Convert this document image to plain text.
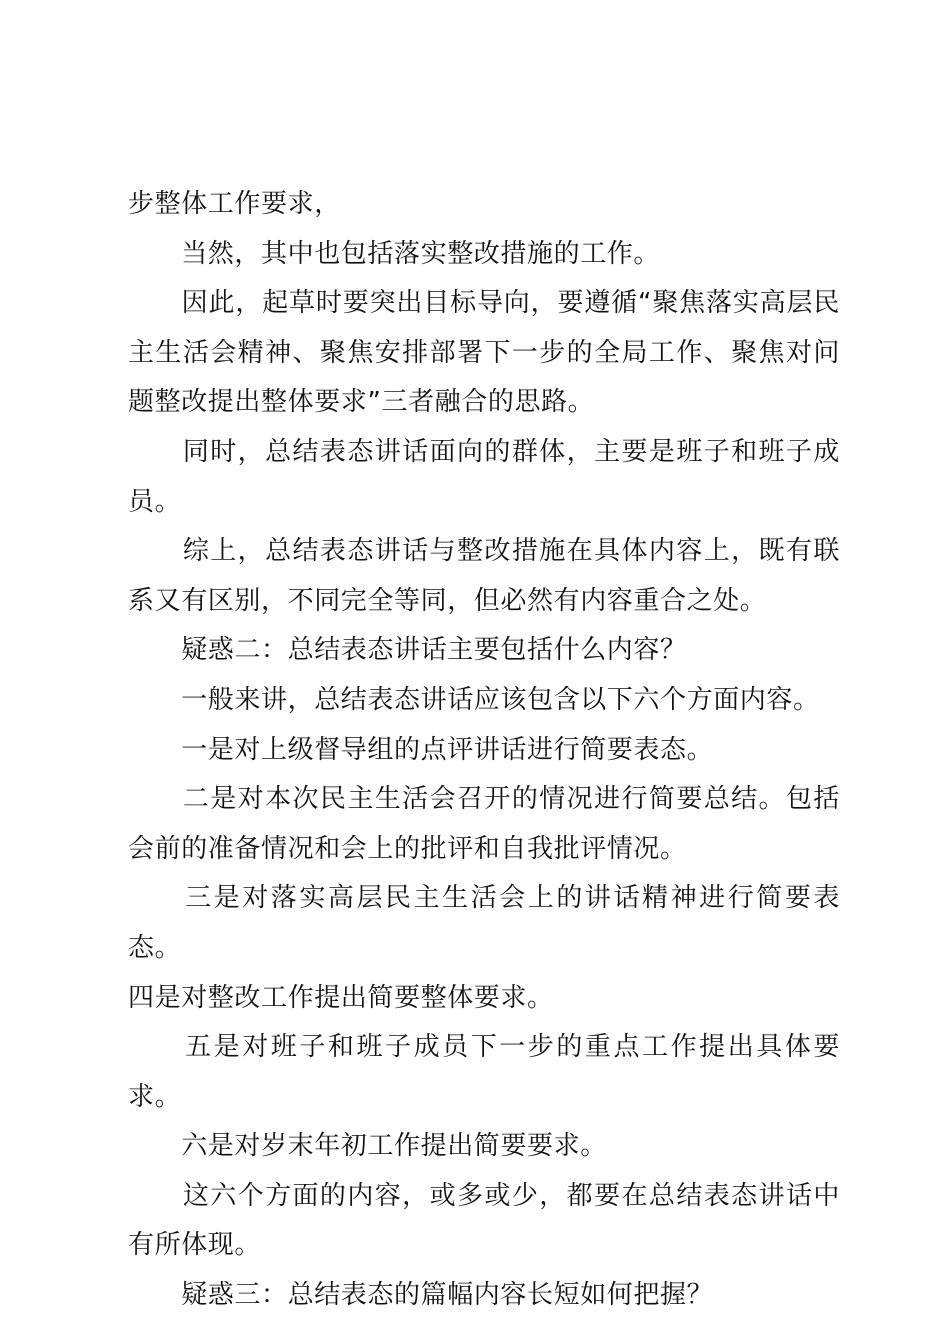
步整体工作要求，

　　当然，其中也包括落实整改措施的工作。

　　因此，起草时要突出目标导向，要遵循“聚焦落实高层民主生活会精神、聚焦安排部署下一步的全局工作、聚焦对问题整改提出整体要求”三者融合的思路。

　　同时，总结表态讲话面向的群体，主要是班子和班子成员。

　　综上，总结表态讲话与整改措施在具体内容上，既有联系又有区别，不同完全等同，但必然有内容重合之处。

　　疑惑二：总结表态讲话主要包括什么内容？

　　一般来讲，总结表态讲话应该包含以下六个方面内容。

　　一是对上级督导组的点评讲话进行简要表态。

　　二是对本次民主生活会召开的情况进行简要总结。包括会前的准备情况和会上的批评和自我批评情况。

　　三是对落实高层民主生活会上的讲话精神进行简要表态。

四是对整改工作提出简要整体要求。

　　五是对班子和班子成员下一步的重点工作提出具体要求。

　　六是对岁末年初工作提出简要要求。

　　这六个方面的内容，或多或少，都要在总结表态讲话中有所体现。

　　疑惑三：总结表态的篇幅内容长短如何把握？
